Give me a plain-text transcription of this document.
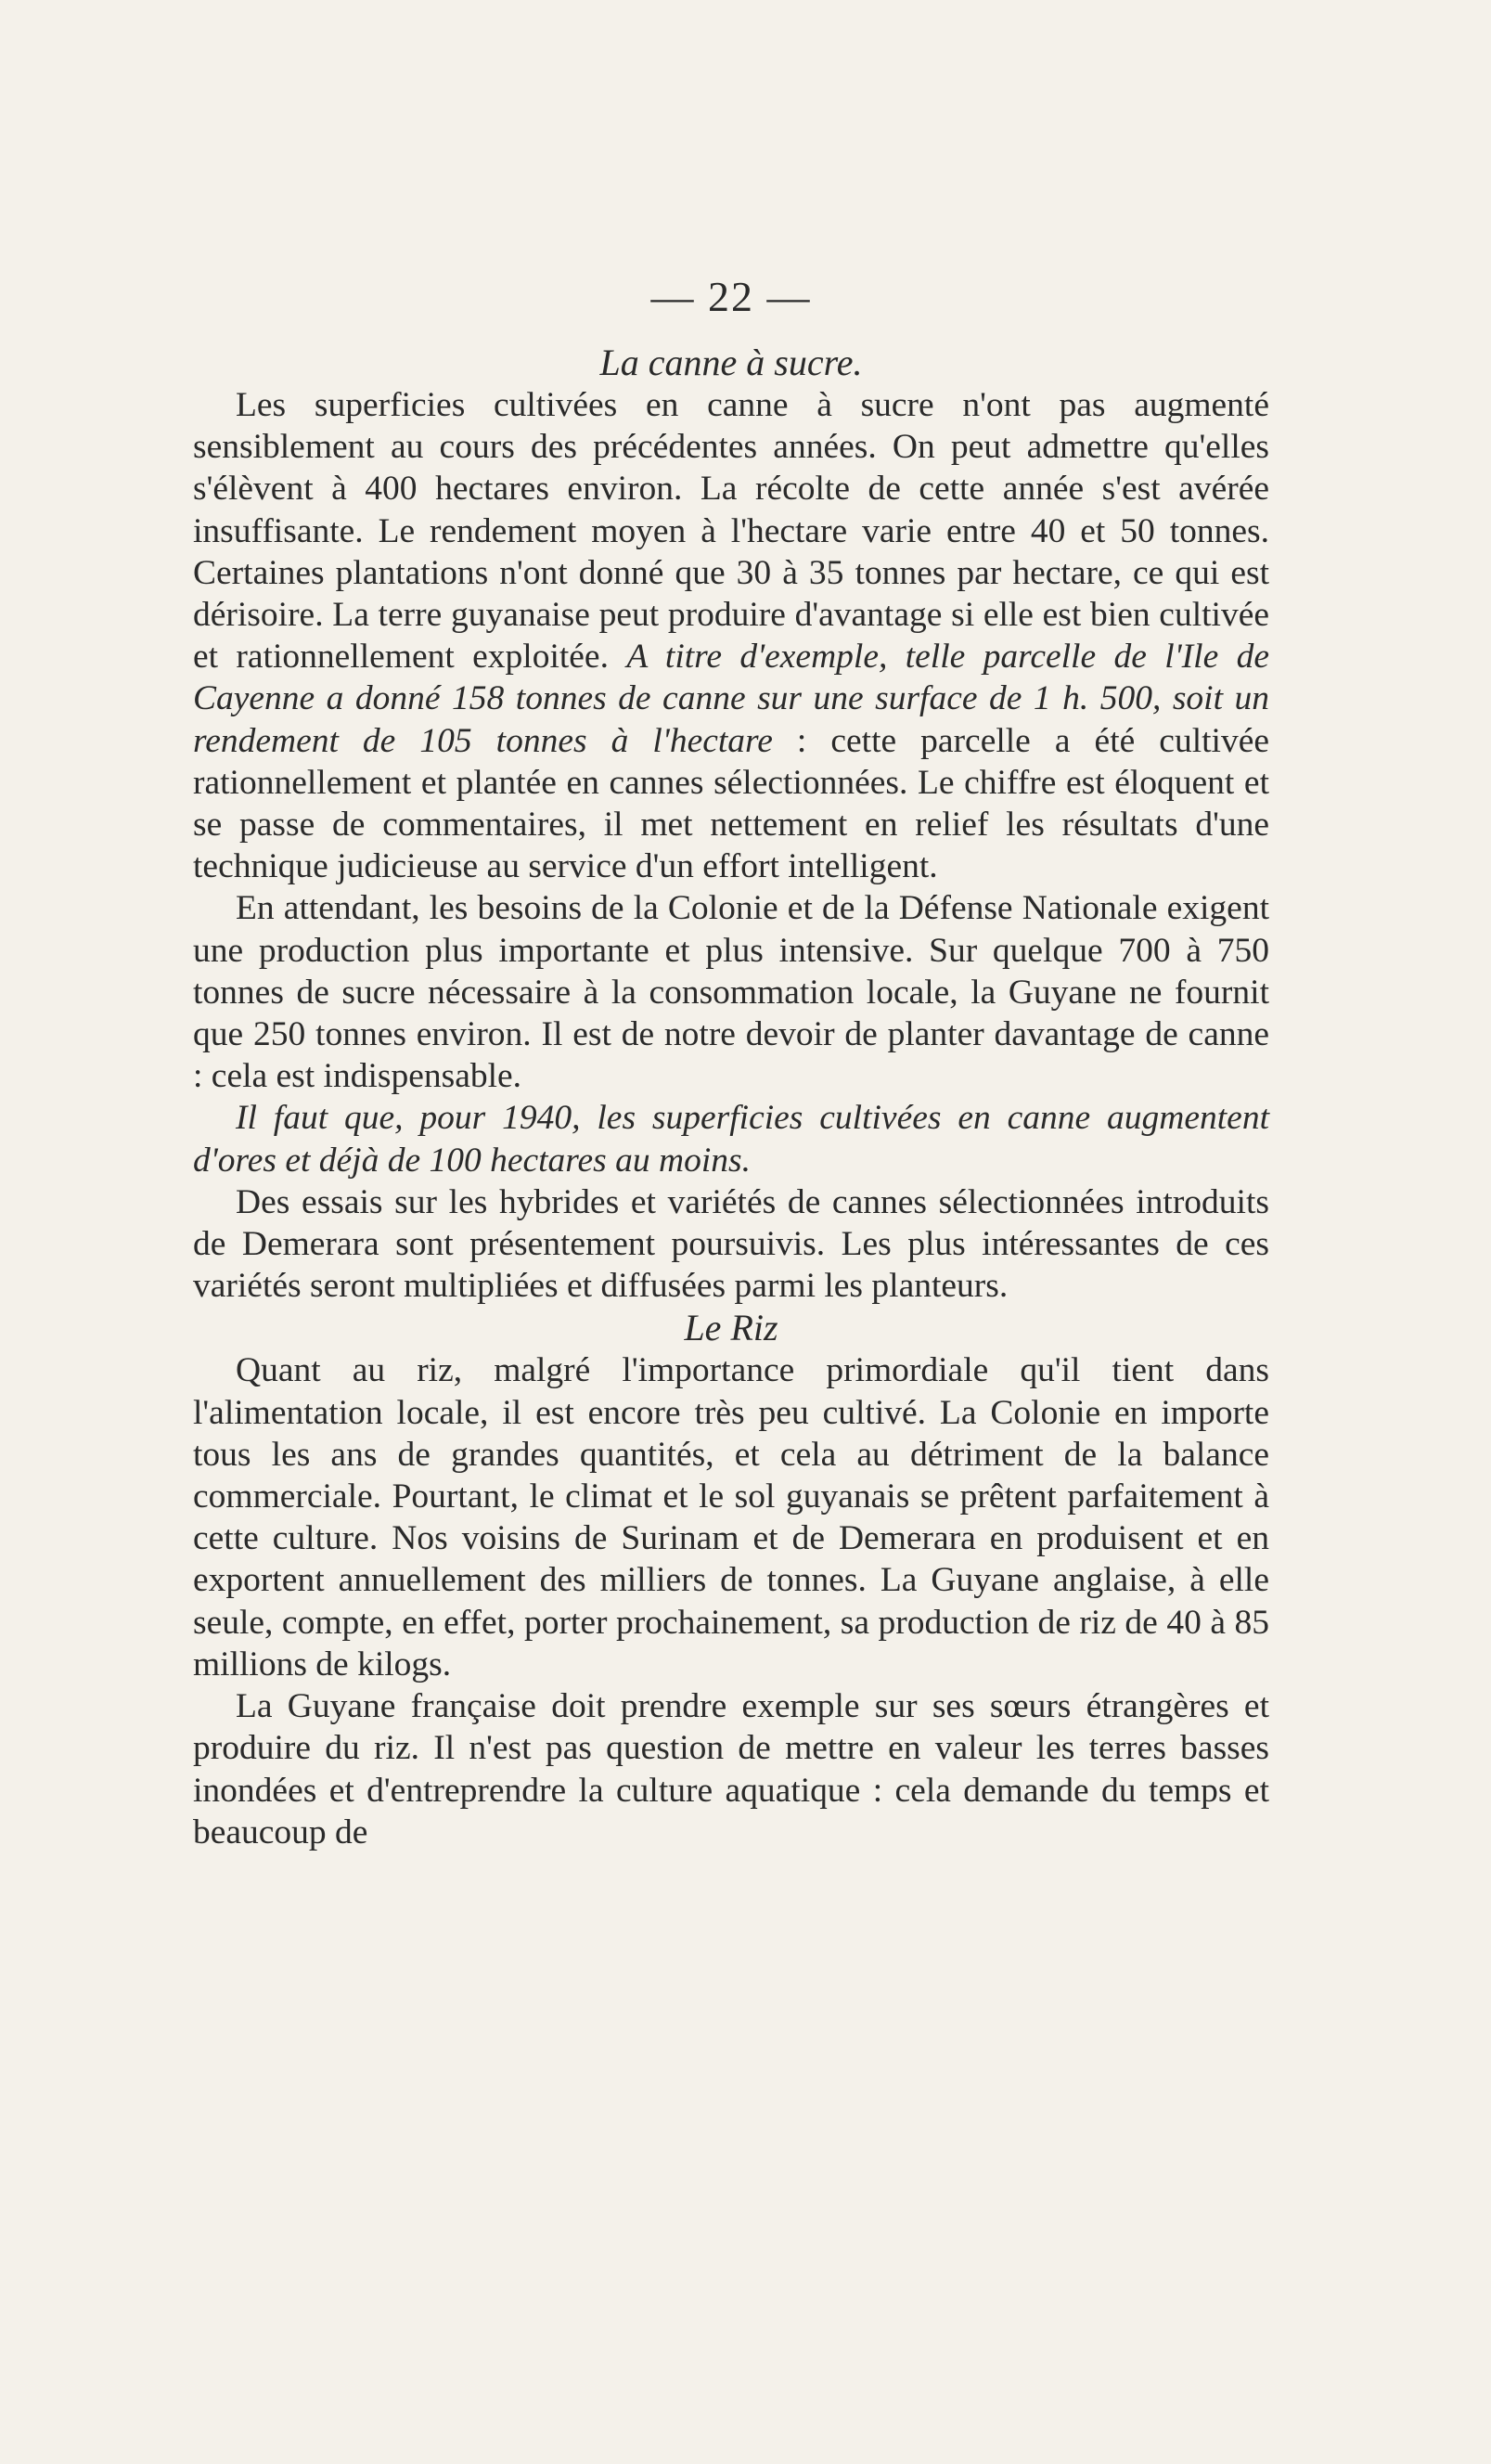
— 22 —

La canne à sucre.

Les superficies cultivées en canne à sucre n'ont pas augmenté sensiblement au cours des précédentes années. On peut admettre qu'elles s'élèvent à 400 hectares environ. La récolte de cette année s'est avérée insuffisante. Le rendement moyen à l'hectare varie entre 40 et 50 tonnes. Certaines plantations n'ont donné que 30 à 35 tonnes par hectare, ce qui est dérisoire. La terre guyanaise peut produire d'avantage si elle est bien cultivée et rationnellement exploitée. A titre d'exemple, telle parcelle de l'Ile de Cayenne a donné 158 tonnes de canne sur une surface de 1 h. 500, soit un rendement de 105 tonnes à l'hectare : cette parcelle a été cultivée rationnellement et plantée en cannes sélectionnées. Le chiffre est éloquent et se passe de commentaires, il met nettement en relief les résultats d'une technique judicieuse au service d'un effort intelligent.

En attendant, les besoins de la Colonie et de la Défense Nationale exigent une production plus importante et plus intensive. Sur quelque 700 à 750 tonnes de sucre nécessaire à la consommation locale, la Guyane ne fournit que 250 tonnes environ. Il est de notre devoir de planter davantage de canne : cela est indispensable.

Il faut que, pour 1940, les superficies cultivées en canne augmentent d'ores et déjà de 100 hectares au moins.

Des essais sur les hybrides et variétés de cannes sélectionnées introduits de Demerara sont présentement poursuivis. Les plus intéressantes de ces variétés seront multipliées et diffusées parmi les planteurs.

Le Riz

Quant au riz, malgré l'importance primordiale qu'il tient dans l'alimentation locale, il est encore très peu cultivé. La Colonie en importe tous les ans de grandes quantités, et cela au détriment de la balance commerciale. Pourtant, le climat et le sol guyanais se prêtent parfaitement à cette culture. Nos voisins de Surinam et de Demerara en produisent et en exportent annuellement des milliers de tonnes. La Guyane anglaise, à elle seule, compte, en effet, porter prochainement, sa production de riz de 40 à 85 millions de kilogs.

La Guyane française doit prendre exemple sur ses sœurs étrangères et produire du riz. Il n'est pas question de mettre en valeur les terres basses inondées et d'entreprendre la culture aquatique : cela demande du temps et beaucoup de
